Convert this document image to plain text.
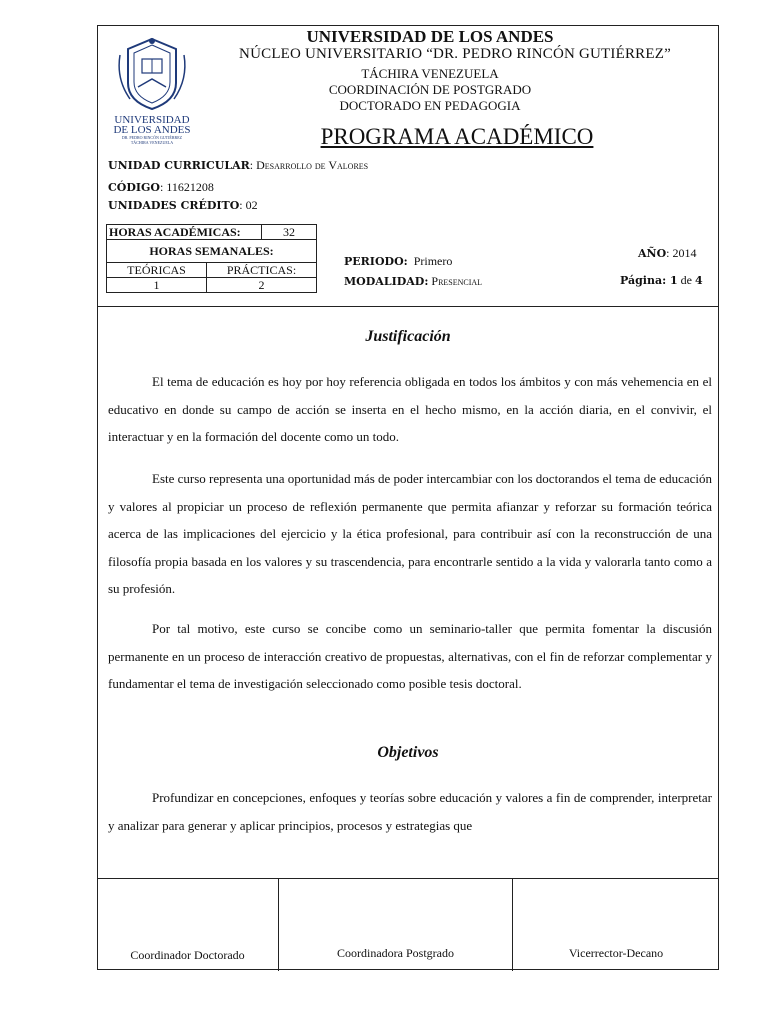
UNIVERSIDAD
DE LOS ANDES
DR. PEDRO RINCÓN GUTIÉRREZ
TÁCHIRA VENEZUELA
UNIVERSIDAD DE LOS ANDES
NÚCLEO UNIVERSITARIO “DR. PEDRO RINCÓN GUTIÉRREZ”
TÁCHIRA VENEZUELA
COORDINACIÓN DE POSTGRADO
DOCTORADO EN PEDAGOGIA
PROGRAMA ACADÉMICO
UNIDAD CURRICULAR: Desarrollo de Valores
CÓDIGO: 11621208
UNIDADES CRÉDITO: 02
HORAS ACADÉMICAS:		32
HORAS SEMANALES:		
TEÓRICAS	PRÁCTICAS:	
1	2	
PERIODO: Primero
MODALIDAD: Presencial
AÑO: 2014
Página: 1 de 4
Justificación
El tema de educación es hoy por hoy referencia obligada en todos los ámbitos y con más vehemencia en el educativo en donde su campo de acción se inserta en el hecho mismo, en la acción diaria, en el convivir, el interactuar y en la formación del docente como un todo.
Este curso representa una oportunidad más de poder intercambiar con los doctorandos el tema de educación y valores al propiciar un proceso de reflexión permanente que permita afianzar y reforzar su formación teórica acerca de las implicaciones del ejercicio y la ética profesional, para contribuir así con la reconstrucción de una filosofía propia basada en los valores y su trascendencia, para encontrarle sentido a la vida y valorarla tanto como a su profesión.
Por tal motivo, este curso se concibe como un seminario-taller que permita fomentar la discusión permanente en un proceso de interacción creativo de propuestas, alternativas, con el fin de reforzar complementar y fundamentar el tema de investigación seleccionado como posible tesis doctoral.
Objetivos
Profundizar en concepciones, enfoques y teorías sobre educación y valores a fin de comprender, interpretar y analizar para generar y aplicar principios, procesos y estrategias que
Coordinador Doctorado	Coordinadora Postgrado	Vicerrector-Decano
